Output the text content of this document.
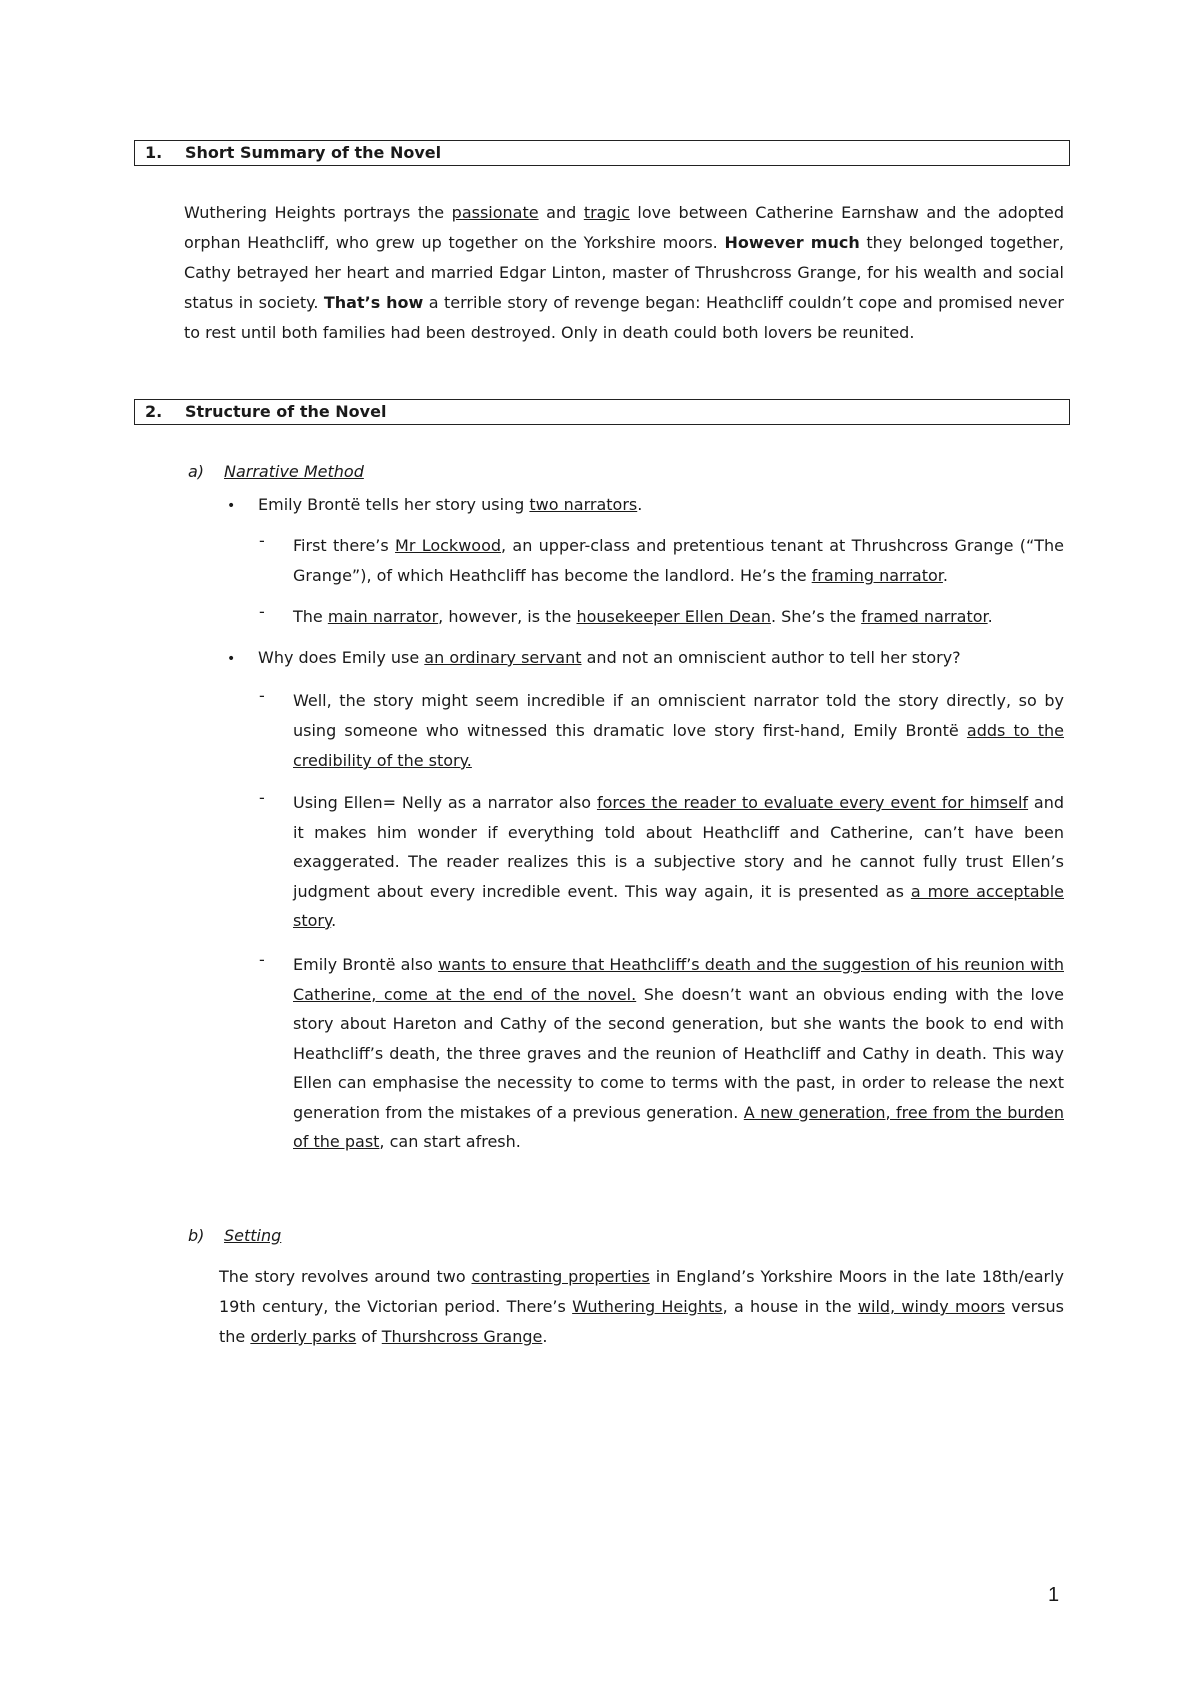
1. Short Summary of the Novel
Wuthering Heights portrays the passionate and tragic love between Catherine Earnshaw and the adopted orphan Heathcliff, who grew up together on the Yorkshire moors. However much they belonged together, Cathy betrayed her heart and married Edgar Linton, master of Thrushcross Grange, for his wealth and social status in society. That’s how a terrible story of revenge began: Heathcliff couldn’t cope and promised never to rest until both families had been destroyed. Only in death could both lovers be reunited.
2. Structure of the Novel
a) Narrative Method
• Emily Brontë tells her story using two narrators.
- First there’s Mr Lockwood, an upper-class and pretentious tenant at Thrushcross Grange (“The Grange”), of which Heathcliff has become the landlord. He’s the framing narrator.
- The main narrator, however, is the housekeeper Ellen Dean. She’s the framed narrator.
• Why does Emily use an ordinary servant and not an omniscient author to tell her story?
- Well, the story might seem incredible if an omniscient narrator told the story directly, so by using someone who witnessed this dramatic love story first-hand, Emily Brontë adds to the credibility of the story.
- Using Ellen= Nelly as a narrator also forces the reader to evaluate every event for himself and it makes him wonder if everything told about Heathcliff and Catherine, can’t have been exaggerated. The reader realizes this is a subjective story and he cannot fully trust Ellen’s judgment about every incredible event. This way again, it is presented as a more acceptable story.
- Emily Brontë also wants to ensure that Heathcliff’s death and the suggestion of his reunion with Catherine, come at the end of the novel. She doesn’t want an obvious ending with the love story about Hareton and Cathy of the second generation, but she wants the book to end with Heathcliff’s death, the three graves and the reunion of Heathcliff and Cathy in death. This way Ellen can emphasise the necessity to come to terms with the past, in order to release the next generation from the mistakes of a previous generation. A new generation, free from the burden of the past, can start afresh.
b) Setting
The story revolves around two contrasting properties in England’s Yorkshire Moors in the late 18th/early 19th century, the Victorian period. There’s Wuthering Heights, a house in the wild, windy moors versus the orderly parks of Thurshcross Grange.
1
